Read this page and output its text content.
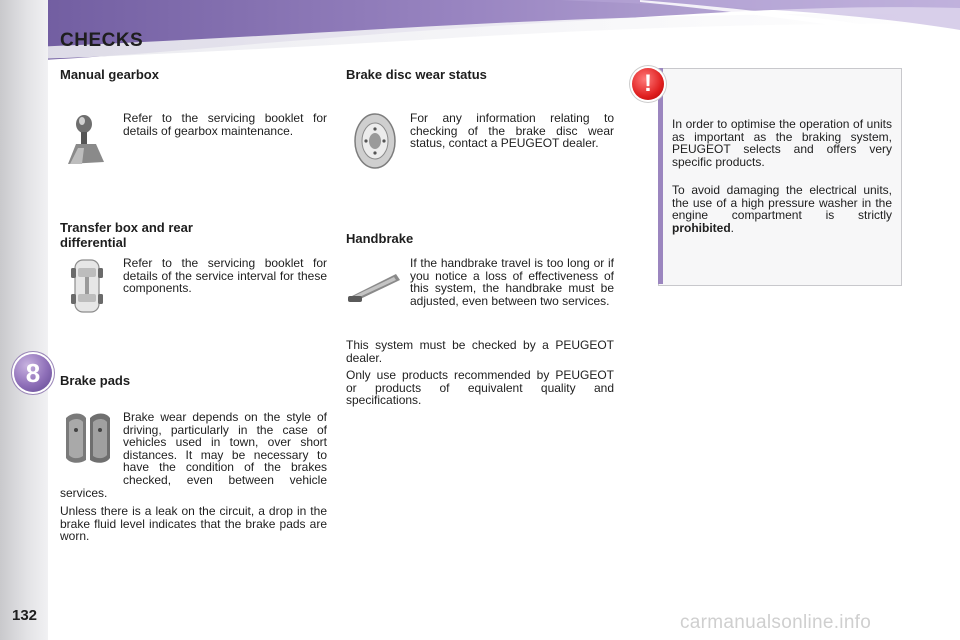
CHECKS
8
132
Manual gearbox

Refer to the servicing booklet for details of gearbox maintenance.

Transfer box and rear differential

Refer to the servicing booklet for details of the service interval for these components.

Brake pads

Brake wear depends on the style of driving, particularly in the case of vehicles used in town, over short distances. It may be necessary to have the condition of the brakes checked, even between vehicle services.

Unless there is a leak on the circuit, a drop in the brake fluid level indicates that the brake pads are worn.

Brake disc wear status

For any information relating to checking of the brake disc wear status, contact a PEUGEOT dealer.

Handbrake

If the handbrake travel is too long or if you notice a loss of effectiveness of this system, the handbrake must be adjusted, even between two services.

This system must be checked by a PEUGEOT dealer.

Only use products recommended by PEUGEOT or products of equivalent quality and specifications.

!

In order to optimise the operation of units as important as the braking system, PEUGEOT selects and offers very specific products.

To avoid damaging the electrical units, the use of a high pressure washer in the engine compartment is strictly prohibited.

carmanualsonline.info
